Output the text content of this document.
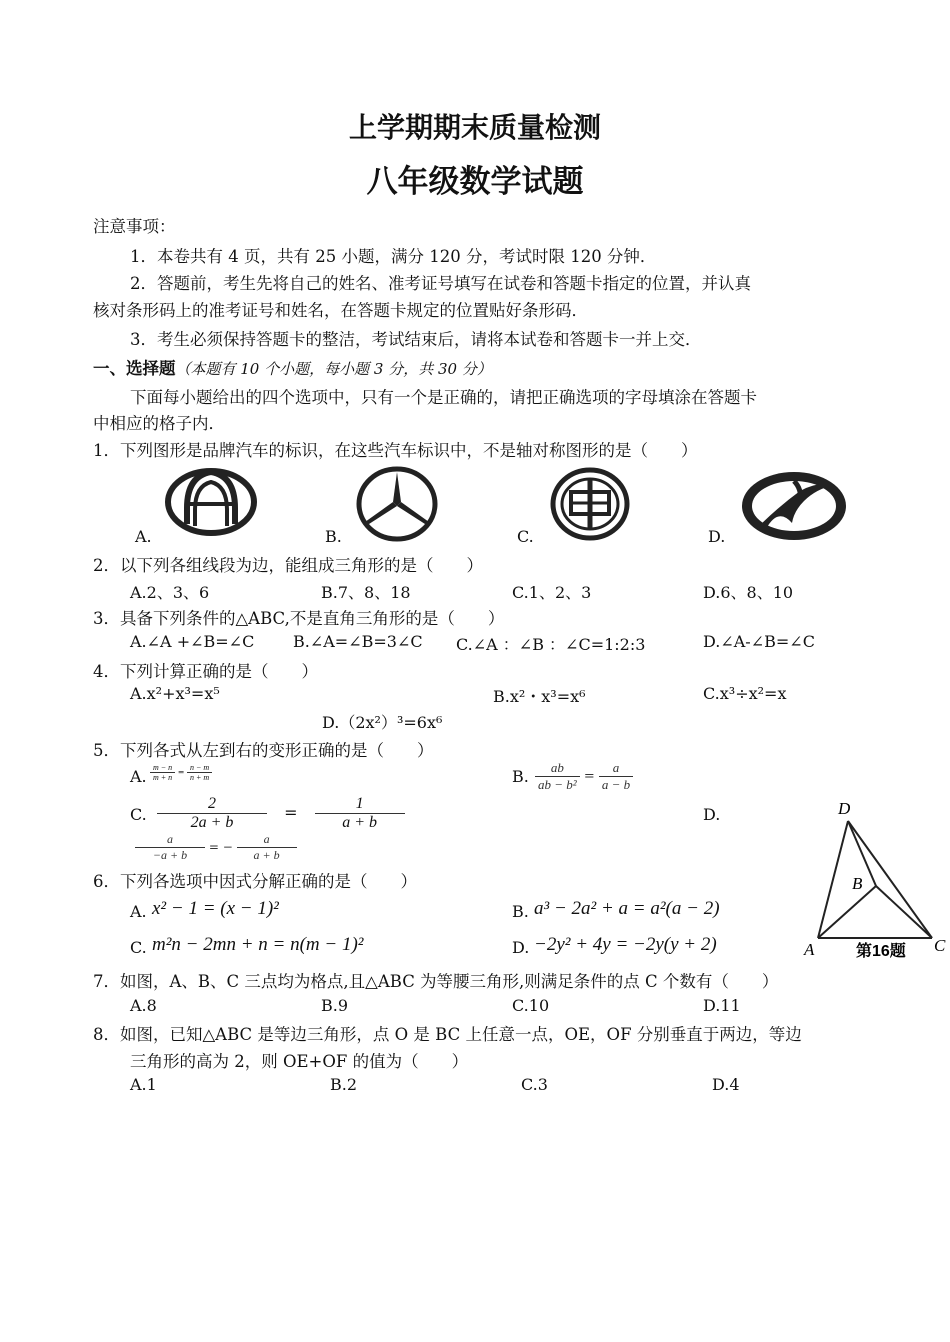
上学期期末质量检测
八年级数学试题
注意事项：
1．本卷共有 4 页，共有 25 小题，满分 120 分，考试时限 120 分钟．
2．答题前，考生先将自己的姓名、准考证号填写在试卷和答题卡指定的位置，并认真
核对条形码上的准考证号和姓名，在答题卡规定的位置贴好条形码．
3．考生必须保持答题卡的整洁，考试结束后，请将本试卷和答题卡一并上交．
一、选择题（本题有 10 个小题，每小题 3 分，共 30 分）
下面每小题给出的四个选项中，只有一个是正确的，请把正确选项的字母填涂在答题卡
中相应的格子内．
1．下列图形是品牌汽车的标识，在这些汽车标识中，不是轴对称图形的是（　　）
A.	B.	C.	D.
2．以下列各组线段为边，能组成三角形的是（　　）
A.2、3、6	B.7、8、18	C.1、2、3	D.6、8、10
3．具备下列条件的△ABC,不是直角三角形的是（　　）
A.∠A +∠B=∠C B.∠A=∠B=3∠C C.∠A ：∠B ：∠C=1:2:3	D.∠A-∠B=∠C
4．下列计算正确的是（　　）
A.x²+x³=x⁵	B.x²・x³=x⁶	C.x³÷x²=x
D.（2x²）³=6x⁶
5．下列各式从左到右的变形正确的是（　　）
A. $\frac{m - n}{m + n} = \frac{n - m}{n + m}$	B. $\frac{ab}{\text{ab − b²}} = \frac{a}{a - b}$
C. $\frac{2}{2a + b} = \frac{1}{a + b}$	D.
$\frac{a}{-a + b}$ = − $\frac{a}{a + b}$
6．下列各选项中因式分解正确的是（　　）
A. x² − 1 = (x − 1)²	B. a³ − 2a² + a = a²(a − 2)
C. m²n − 2mn + n = n(m − 1)²	D. −2y² + 4y = −2y(y + 2)
D
B
A	C
第16题
7．如图，A、B、C 三点均为格点,且△ABC 为等腰三角形,则满足条件的点 C 个数有（　　）
A.8	B.9	C.10	D.11
8．如图，已知△ABC 是等边三角形，点 O 是 BC 上任意一点，OE，OF 分别垂直于两边，等边
三角形的高为 2，则 OE+OF 的值为（　　）
A.1	B.2	C.3	D.4
